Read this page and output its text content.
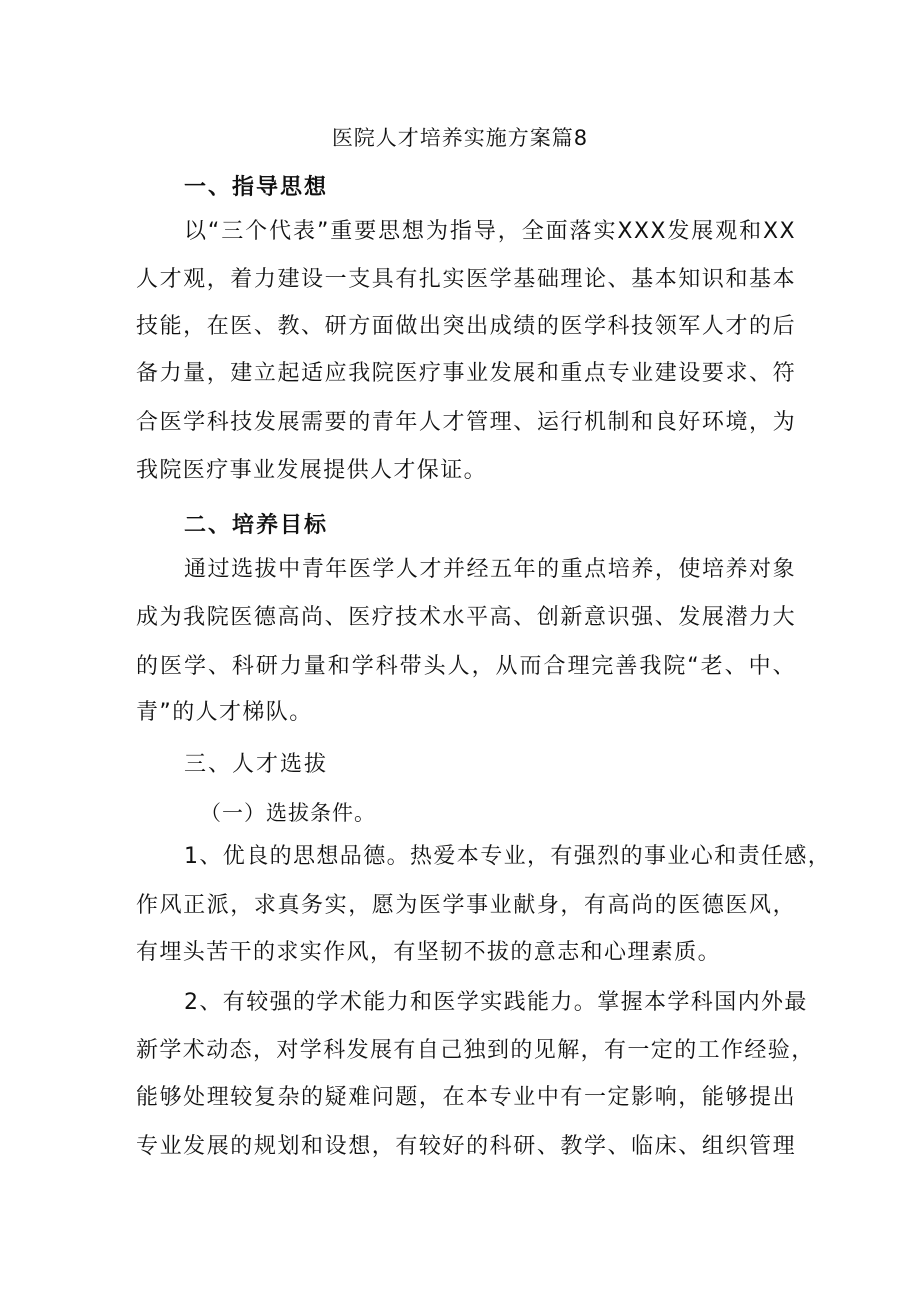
医院人才培养实施方案篇8
一、指导思想
以“三个代表”重要思想为指导，全面落实XXX发展观和XX
人才观，着力建设一支具有扎实医学基础理论、基本知识和基本
技能，在医、教、研方面做出突出成绩的医学科技领军人才的后
备力量，建立起适应我院医疗事业发展和重点专业建设要求、符
合医学科技发展需要的青年人才管理、运行机制和良好环境，为
我院医疗事业发展提供人才保证。
二、培养目标
通过选拔中青年医学人才并经五年的重点培养，使培养对象
成为我院医德高尚、医疗技术水平高、创新意识强、发展潜力大
的医学、科研力量和学科带头人，从而合理完善我院“老、中、
青”的人才梯队。
三、人才选拔
（一）选拔条件。
1、优良的思想品德。热爱本专业，有强烈的事业心和责任感，
作风正派，求真务实，愿为医学事业献身，有高尚的医德医风，
有埋头苦干的求实作风，有坚韧不拔的意志和心理素质。
2、有较强的学术能力和医学实践能力。掌握本学科国内外最
新学术动态，对学科发展有自己独到的见解，有一定的工作经验，
能够处理较复杂的疑难问题，在本专业中有一定影响，能够提出
专业发展的规划和设想，有较好的科研、教学、临床、组织管理
